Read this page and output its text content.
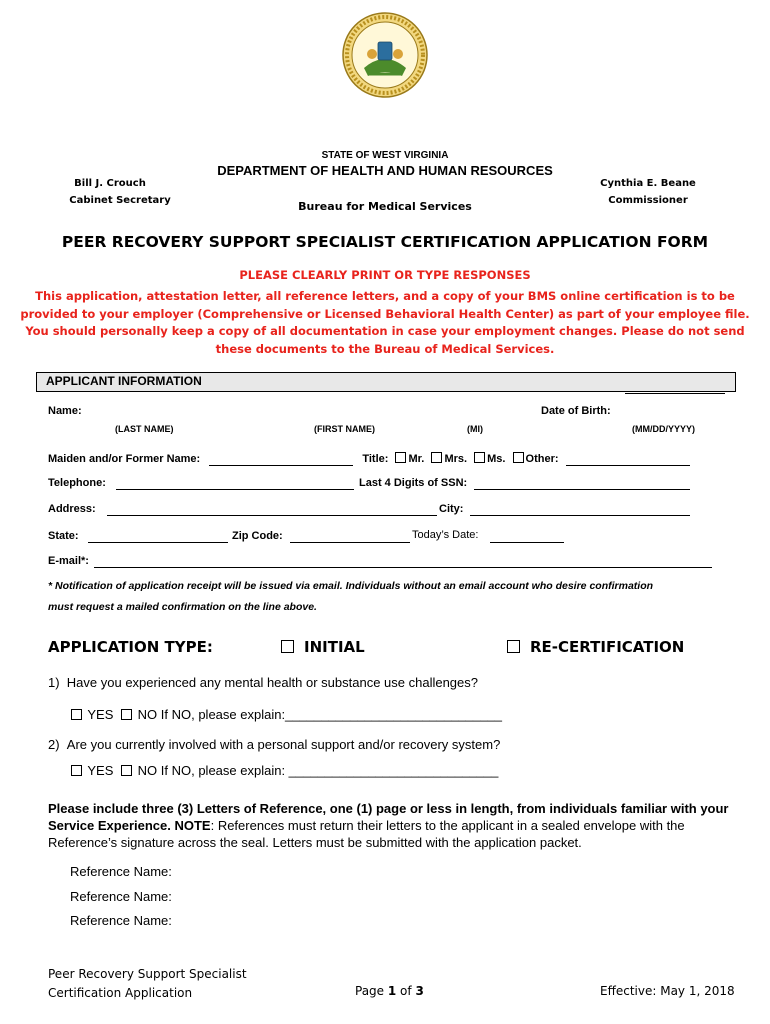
STATE OF WEST VIRGINIA
DEPARTMENT OF HEALTH AND HUMAN RESOURCES
Bureau for Medical Services
Bill J. Crouch
Cabinet Secretary
Cynthia E. Beane
Commissioner
PEER RECOVERY SUPPORT SPECIALIST CERTIFICATION APPLICATION FORM
PLEASE CLEARLY PRINT OR TYPE RESPONSES
This application, attestation letter, all reference letters, and a copy of your BMS online certification is to be
provided to your employer (Comprehensive or Licensed Behavioral Health Center) as part of your employee file.
You should personally keep a copy of all documentation in case your employment changes. Please do not send
these documents to the Bureau of Medical Services.
APPLICANT INFORMATION
Name:	Date of Birth:
(LAST NAME)	(FIRST NAME)	(MI)	(MM/DD/YYYY)
Maiden and/or Former Name:	Title: Mr. Mrs. Ms. Other:
Telephone:	Last 4 Digits of SSN:
Address:	City:
State:	Zip Code:	Today’s Date:
E-mail*:
* Notification of application receipt will be issued via email. Individuals without an email account who desire confirmation
must request a mailed confirmation on the line above.
APPLICATION TYPE:	INITIAL	RE-CERTIFICATION
1)  Have you experienced any mental health or substance use challenges?
YES NO If NO, please explain:______________________________
2)  Are you currently involved with a personal support and/or recovery system?
YES NO If NO, please explain: _____________________________
Please include three (3) Letters of Reference, one (1) page or less in length, from individuals familiar with your Service Experience. NOTE: References must return their letters to the applicant in a sealed envelope with the Reference’s signature across the seal. Letters must be submitted with the application packet.
Reference Name:
Reference Name:
Reference Name:
Peer Recovery Support Specialist
Certification Application	Page 1 of 3	Effective: May 1, 2018
